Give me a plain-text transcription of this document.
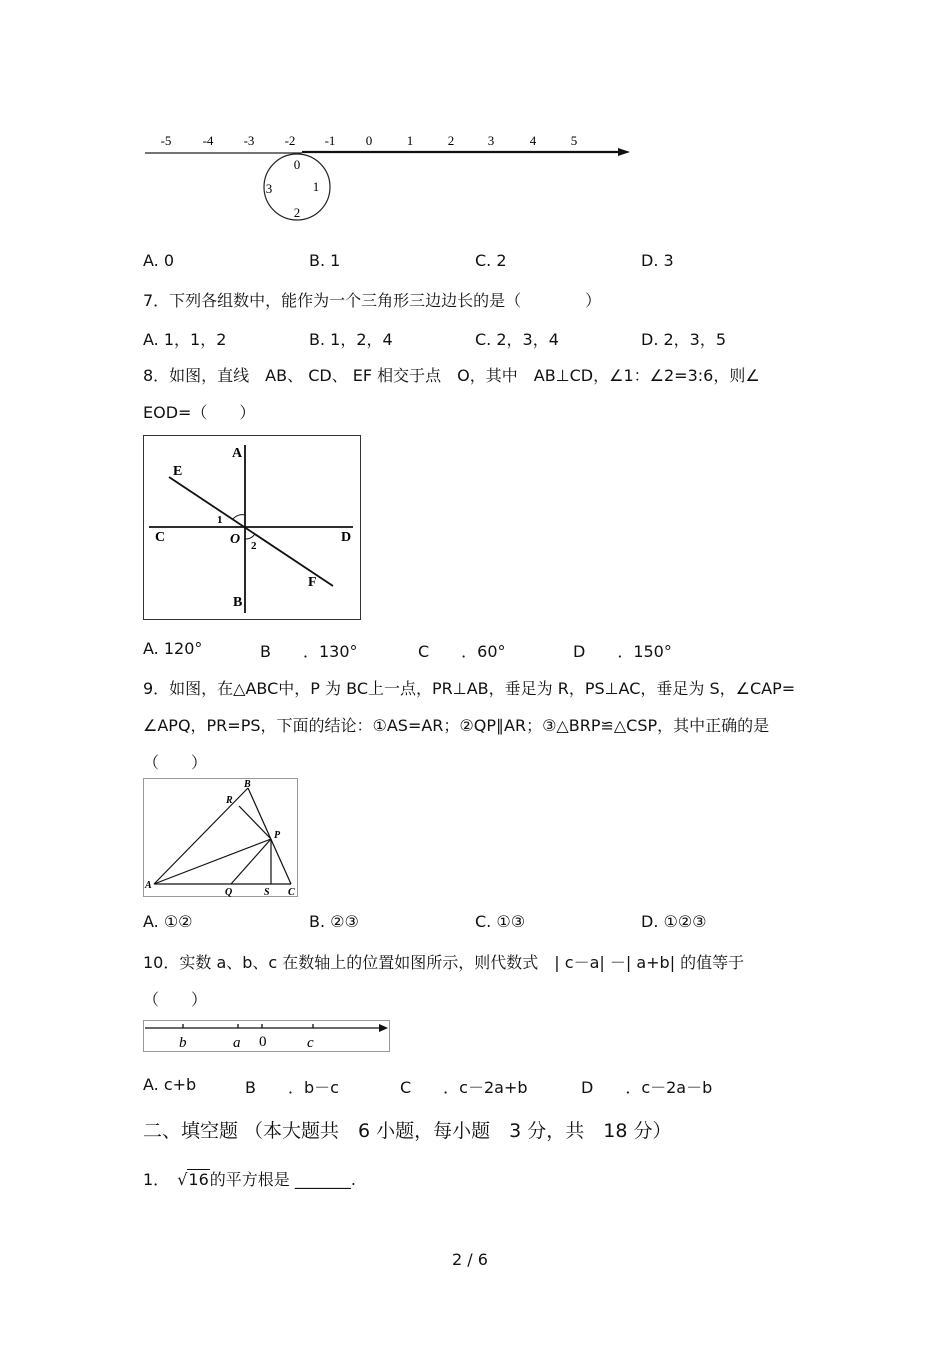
-5 -4 -3 -2 -1 0	1	2	3	4	5
0
1
2
3
A. 0	B. 1	C. 2	D. 3
7．下列各组数中，能作为一个三角形三边边长的是（　　　　）
A. 1，1，2	B. 1，2，4	C. 2，3，4	D. 2，3，5
8．如图，直线　AB、 CD、 EF 相交于点　O，其中　AB⊥CD，∠1：∠2=3:6，则∠
EOD=（　　）
A
B
C	D
E
F
O
1
2
A. 120°	B　　．130°	C　　．60°	D　　．150°
9．如图，在△ABC中，P 为 BC上一点，PR⊥AB，垂足为 R，PS⊥AC，垂足为 S，∠CAP=
∠APQ，PR=PS，下面的结论：①AS=AR；②QP∥AR；③△BRP≌△CSP，其中正确的是
（　　）
A
B
C
P
Q
R
S
A. ①②	B. ②③	C. ①③	D. ①②③
10．实数 a、b、c 在数轴上的位置如图所示，则代数式　| c－a| －| a+b| 的值等于
（　　）
b	a 0	c
A. c+b	B　　．b－c	C　　．c－2a+b	D　　．c－2a－b
二、填空题 （本大题共　6 小题，每小题　3 分，共　18 分）
1． √16的平方根是 _______.
2 / 6
